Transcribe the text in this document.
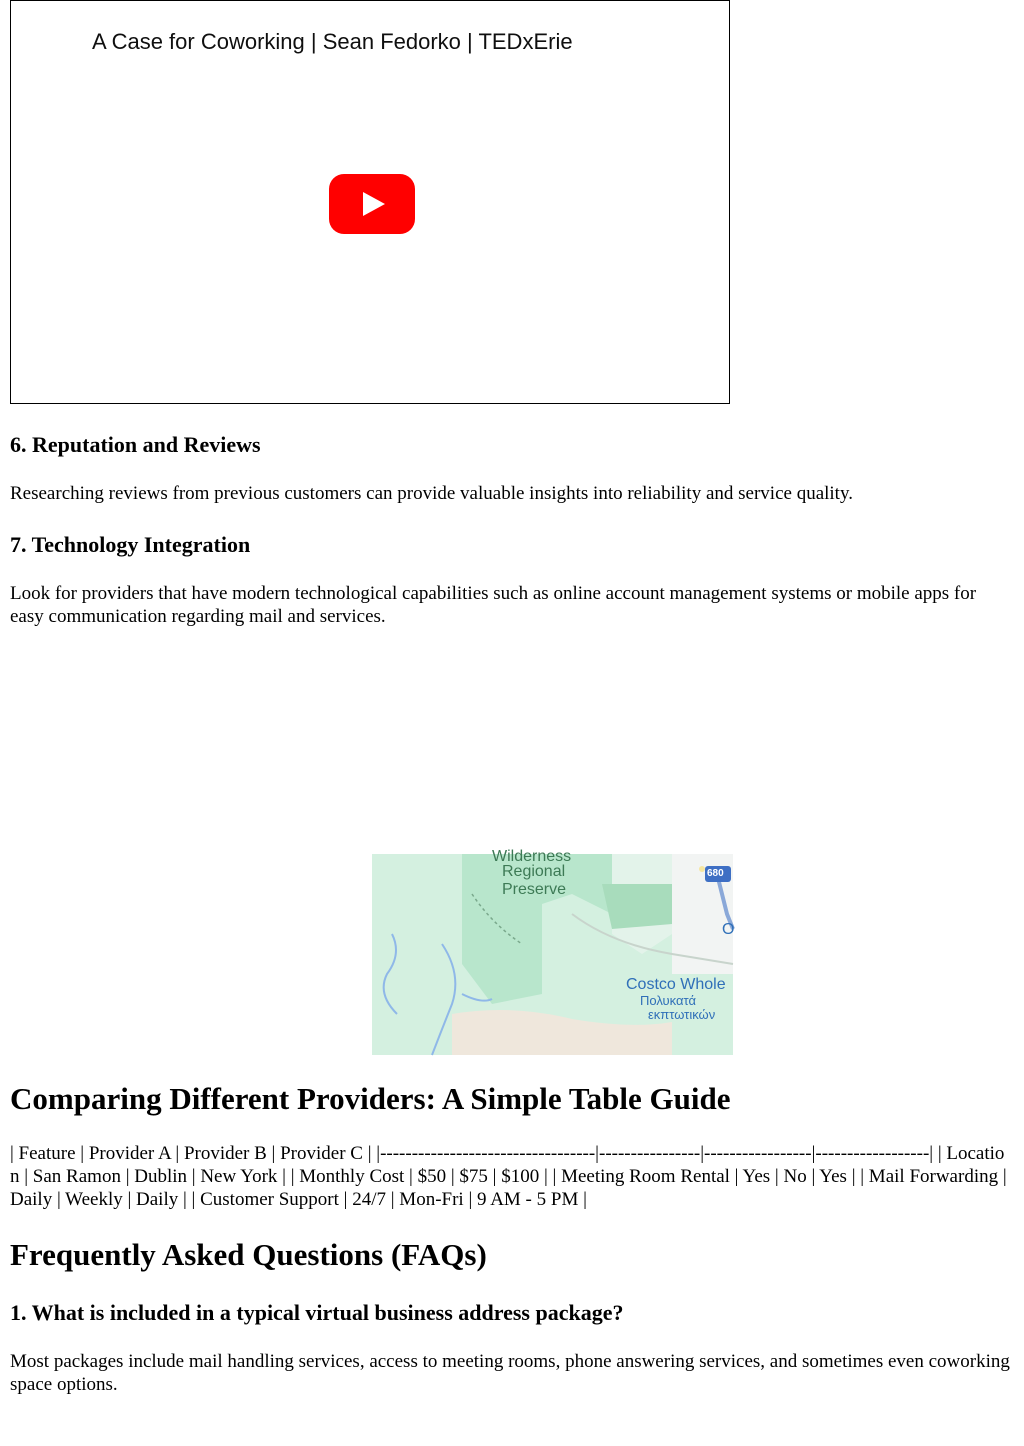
A Case for Coworking | Sean Fedorko | TEDxErie
6. Reputation and Reviews

Researching reviews from previous customers can provide valuable insights into reliability and service quality.

7. Technology Integration

Look for providers that have modern technological capabilities such as online account management systems or mobile apps for easy communication regarding mail and services.

Wilderness
Regional
Preserve
680
O
Costco Whole
Πολυκατά
εκπτωτικών
Comparing Different Providers: A Simple Table Guide

| Feature | Provider A | Provider B | Provider C | |----------------------------------|----------------|-----------------|------------------| | Location | San Ramon | Dublin | New York | | Monthly Cost | $50 | $75 | $100 | | Meeting Room Rental | Yes | No | Yes | | Mail Forwarding | Daily | Weekly | Daily | | Customer Support | 24/7 | Mon-Fri | 9 AM - 5 PM |

Frequently Asked Questions (FAQs)
1. What is included in a typical virtual business address package?

Most packages include mail handling services, access to meeting rooms, phone answering services, and sometimes even coworking space options.
